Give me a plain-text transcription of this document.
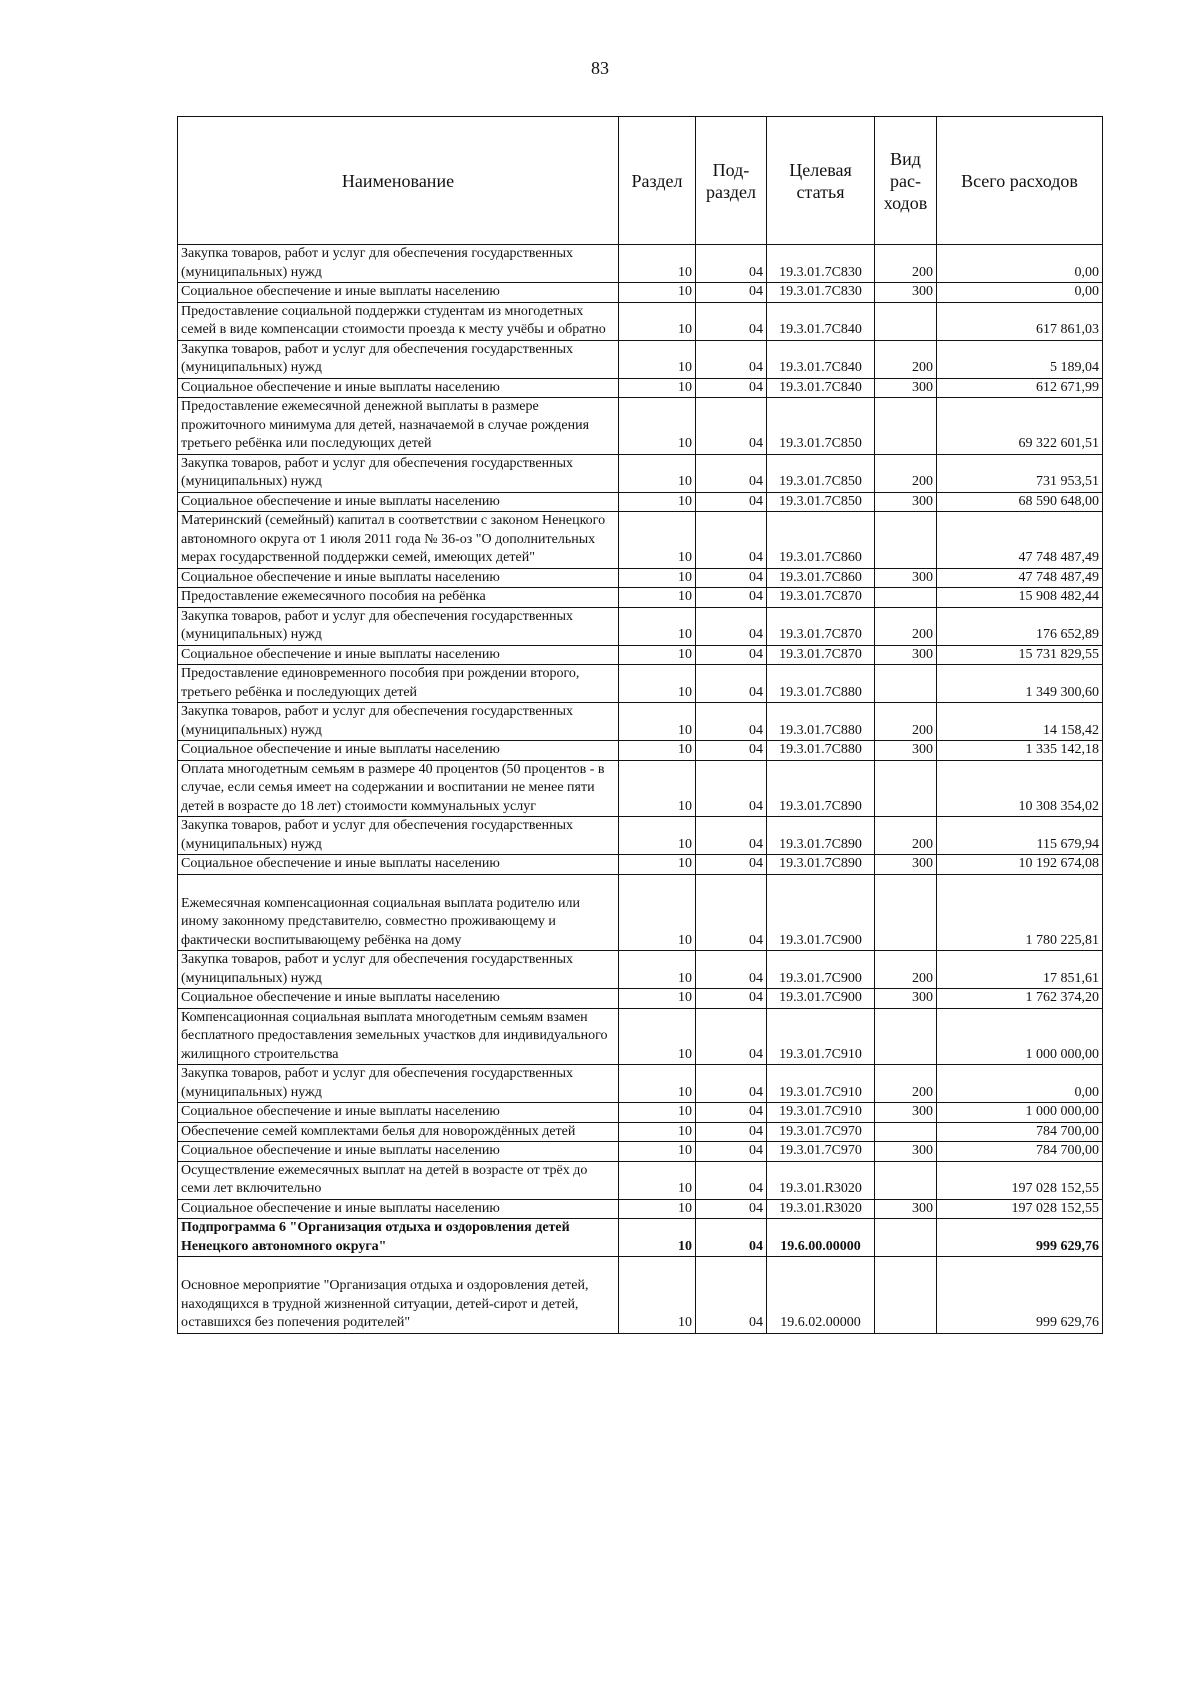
83
Наименование	Раздел	Под-раздел	Целевая статья	Вид рас-ходов	Всего расходов
Закупка товаров, работ и услуг для обеспечения государственных (муниципальных) нужд	10	04	19.3.01.7С830	200	0,00
Социальное обеспечение и иные выплаты населению	10	04	19.3.01.7С830	300	0,00
Предоставление социальной поддержки студентам из многодетных семей в виде компенсации стоимости проезда к месту учёбы и обратно	10	04	19.3.01.7С840		617 861,03
Закупка товаров, работ и услуг для обеспечения государственных (муниципальных) нужд	10	04	19.3.01.7С840	200	5 189,04
Социальное обеспечение и иные выплаты населению	10	04	19.3.01.7С840	300	612 671,99
Предоставление ежемесячной денежной выплаты в размере прожиточного минимума для детей, назначаемой в случае рождения третьего ребёнка или последующих детей	10	04	19.3.01.7С850		69 322 601,51
Закупка товаров, работ и услуг для обеспечения государственных (муниципальных) нужд	10	04	19.3.01.7С850	200	731 953,51
Социальное обеспечение и иные выплаты населению	10	04	19.3.01.7С850	300	68 590 648,00
Материнский (семейный) капитал в соответствии с законом Ненецкого автономного округа от 1 июля 2011 года № 36-оз "О дополнительных мерах государственной поддержки семей, имеющих детей"	10	04	19.3.01.7С860		47 748 487,49
Социальное обеспечение и иные выплаты населению	10	04	19.3.01.7С860	300	47 748 487,49
Предоставление ежемесячного пособия на ребёнка	10	04	19.3.01.7С870		15 908 482,44
Закупка товаров, работ и услуг для обеспечения государственных (муниципальных) нужд	10	04	19.3.01.7С870	200	176 652,89
Социальное обеспечение и иные выплаты населению	10	04	19.3.01.7С870	300	15 731 829,55
Предоставление единовременного пособия при рождении второго, третьего ребёнка и последующих детей	10	04	19.3.01.7С880		1 349 300,60
Закупка товаров, работ и услуг для обеспечения государственных (муниципальных) нужд	10	04	19.3.01.7С880	200	14 158,42
Социальное обеспечение и иные выплаты населению	10	04	19.3.01.7С880	300	1 335 142,18
Оплата многодетным семьям в размере 40 процентов (50 процентов - в случае, если семья имеет на содержании и воспитании не менее пяти детей в возрасте до 18 лет) стоимости коммунальных услуг	10	04	19.3.01.7С890		10 308 354,02
Закупка товаров, работ и услуг для обеспечения государственных (муниципальных) нужд	10	04	19.3.01.7С890	200	115 679,94
Социальное обеспечение и иные выплаты населению	10	04	19.3.01.7С890	300	10 192 674,08
Ежемесячная компенсационная социальная выплата родителю или иному законному представителю, совместно проживающему и фактически воспитывающему ребёнка на дому	10	04	19.3.01.7С900		1 780 225,81
Закупка товаров, работ и услуг для обеспечения государственных (муниципальных) нужд	10	04	19.3.01.7С900	200	17 851,61
Социальное обеспечение и иные выплаты населению	10	04	19.3.01.7С900	300	1 762 374,20
Компенсационная социальная выплата многодетным семьям взамен бесплатного предоставления земельных участков для индивидуального жилищного строительства	10	04	19.3.01.7С910		1 000 000,00
Закупка товаров, работ и услуг для обеспечения государственных (муниципальных) нужд	10	04	19.3.01.7С910	200	0,00
Социальное обеспечение и иные выплаты населению	10	04	19.3.01.7С910	300	1 000 000,00
Обеспечение семей комплектами белья для новорождённых детей	10	04	19.3.01.7С970		784 700,00
Социальное обеспечение и иные выплаты населению	10	04	19.3.01.7С970	300	784 700,00
Осуществление ежемесячных выплат на детей в возрасте от трёх до семи лет включительно	10	04	19.3.01.R3020		197 028 152,55
Социальное обеспечение и иные выплаты населению	10	04	19.3.01.R3020	300	197 028 152,55
Подпрограмма 6 "Организация отдыха и оздоровления детей Ненецкого автономного округа"	10	04	19.6.00.00000		999 629,76
Основное мероприятие "Организация отдыха и оздоровления детей, находящихся в трудной жизненной ситуации, детей-сирот и детей, оставшихся без попечения родителей"	10	04	19.6.02.00000		999 629,76
